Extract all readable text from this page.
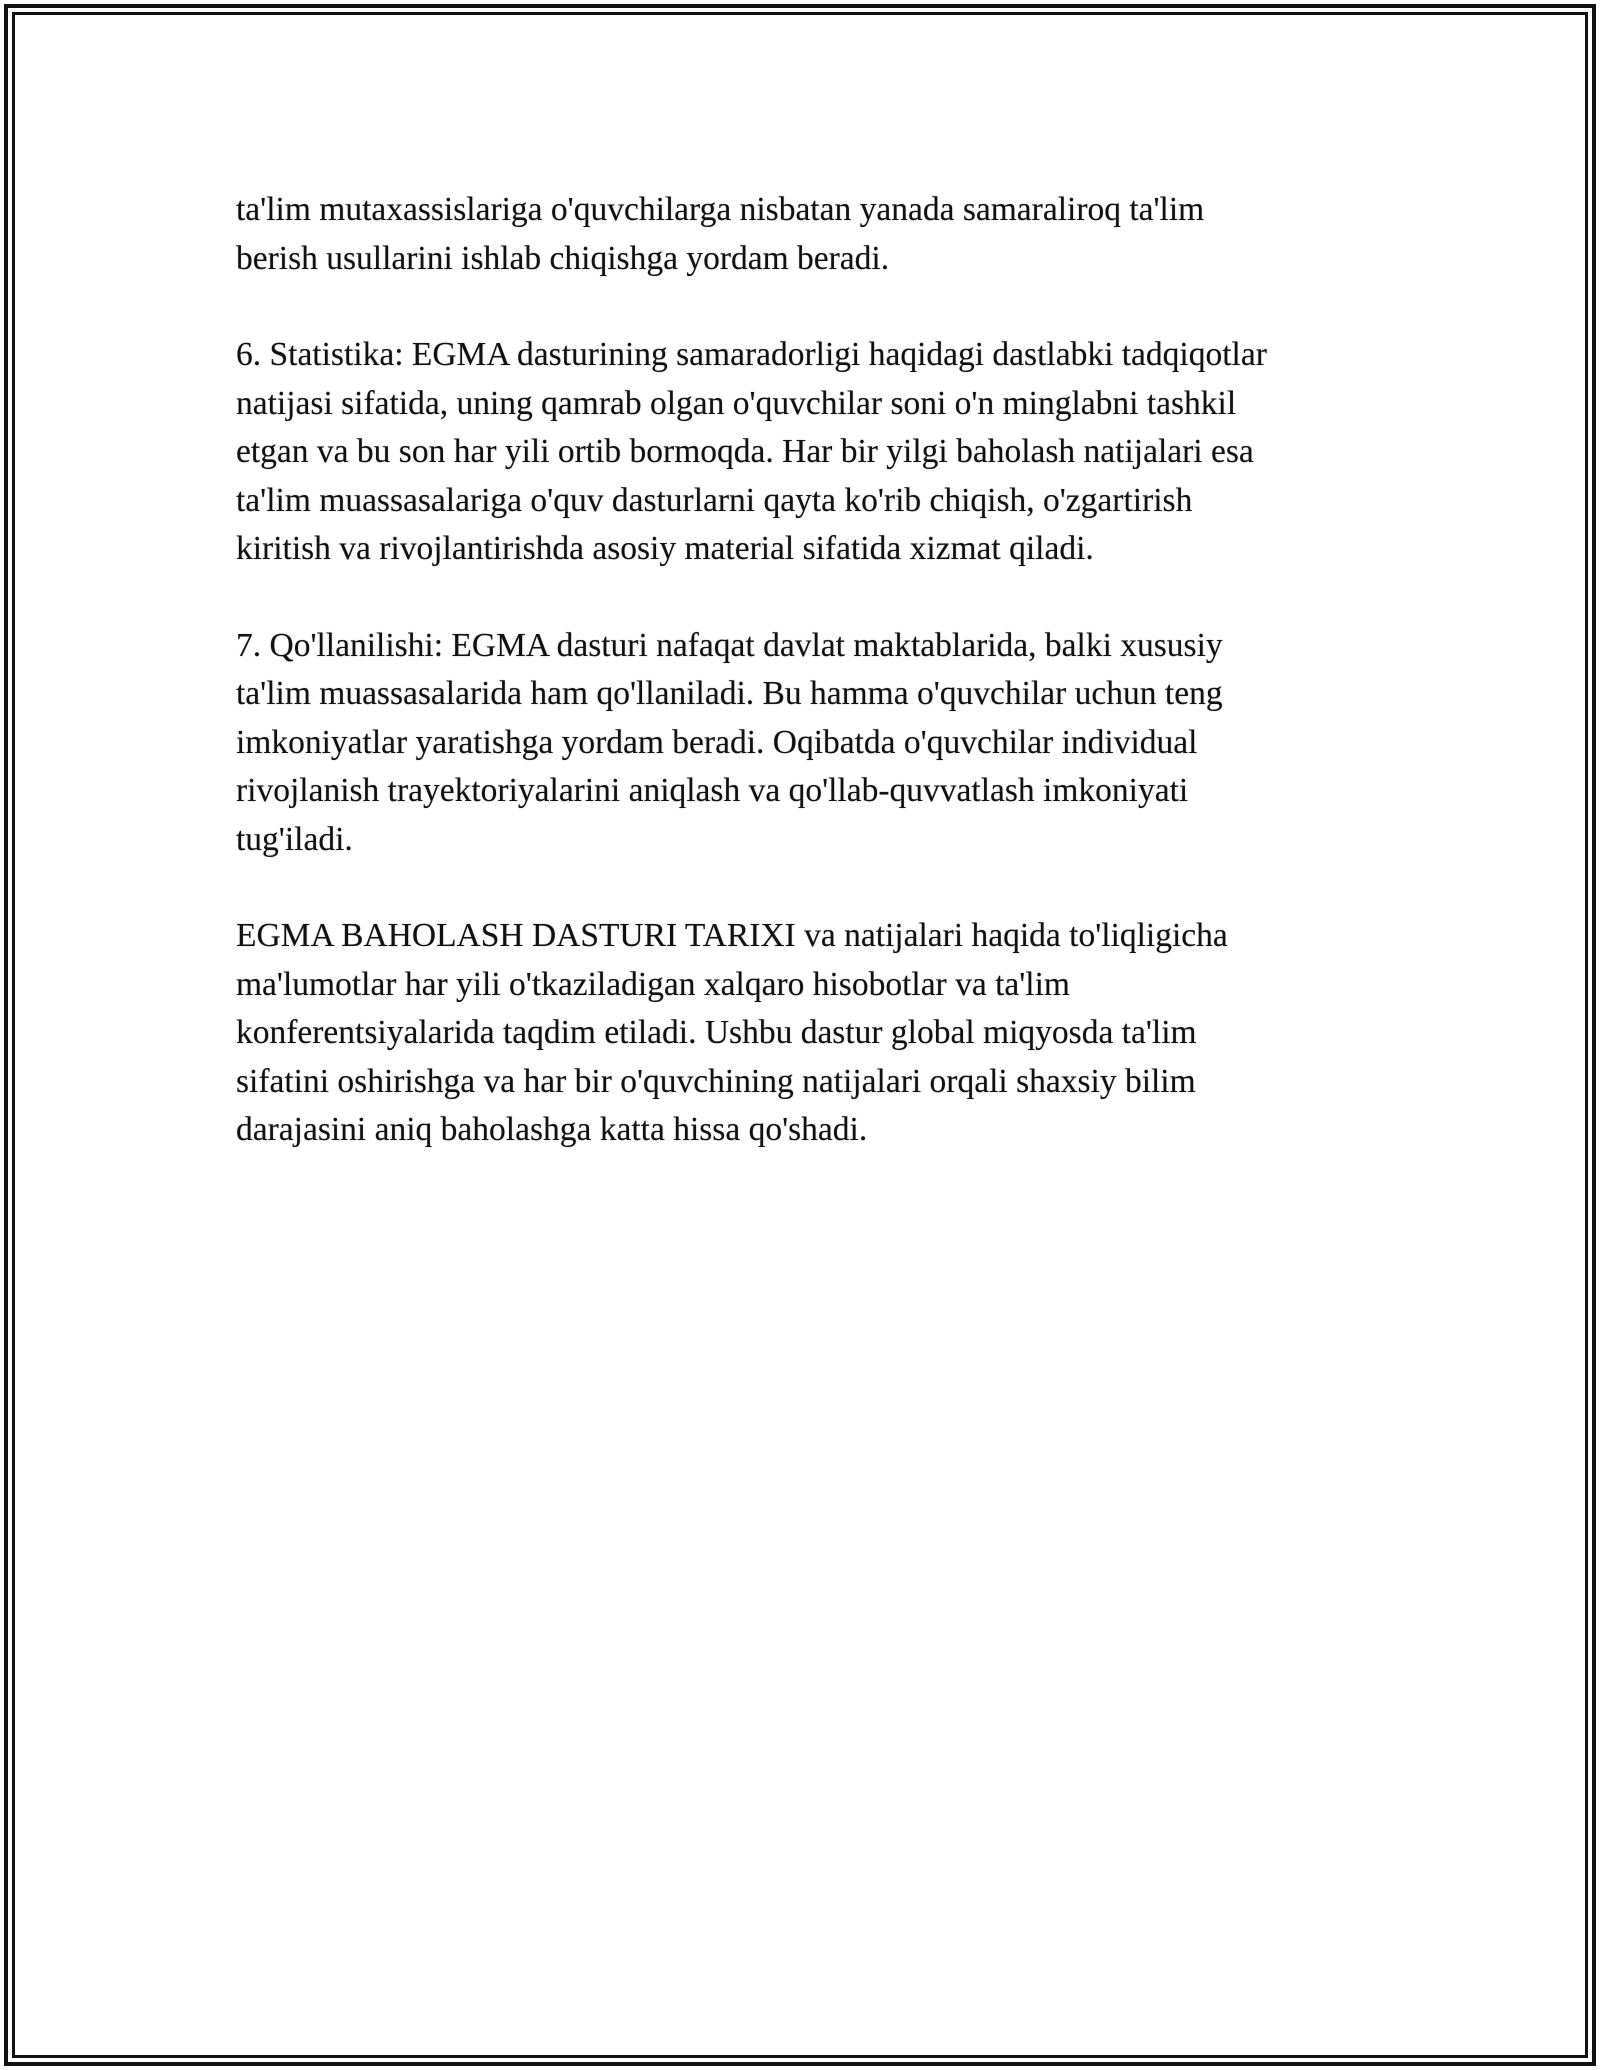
ta'lim mutaxassislariga o'quvchilarga nisbatan yanada samaraliroq ta'lim
berish usullarini ishlab chiqishga yordam beradi.

6. Statistika: EGMA dasturining samaradorligi haqidagi dastlabki tadqiqotlar
natijasi sifatida, uning qamrab olgan o'quvchilar soni o'n minglabni tashkil
etgan va bu son har yili ortib bormoqda. Har bir yilgi baholash natijalari esa
ta'lim muassasalariga o'quv dasturlarni qayta ko'rib chiqish, o'zgartirish
kiritish va rivojlantirishda asosiy material sifatida xizmat qiladi.

7. Qo'llanilishi: EGMA dasturi nafaqat davlat maktablarida, balki xususiy
ta'lim muassasalarida ham qo'llaniladi. Bu hamma o'quvchilar uchun teng
imkoniyatlar yaratishga yordam beradi. Oqibatda o'quvchilar individual
rivojlanish trayektoriyalarini aniqlash va qo'llab-quvvatlash imkoniyati
tug'iladi.

EGMA BAHOLASH DASTURI TARIXI va natijalari haqida to'liqligicha
ma'lumotlar har yili o'tkaziladigan xalqaro hisobotlar va ta'lim
konferentsiyalarida taqdim etiladi. Ushbu dastur global miqyosda ta'lim
sifatini oshirishga va har bir o'quvchining natijalari orqali shaxsiy bilim
darajasini aniq baholashga katta hissa qo'shadi.
